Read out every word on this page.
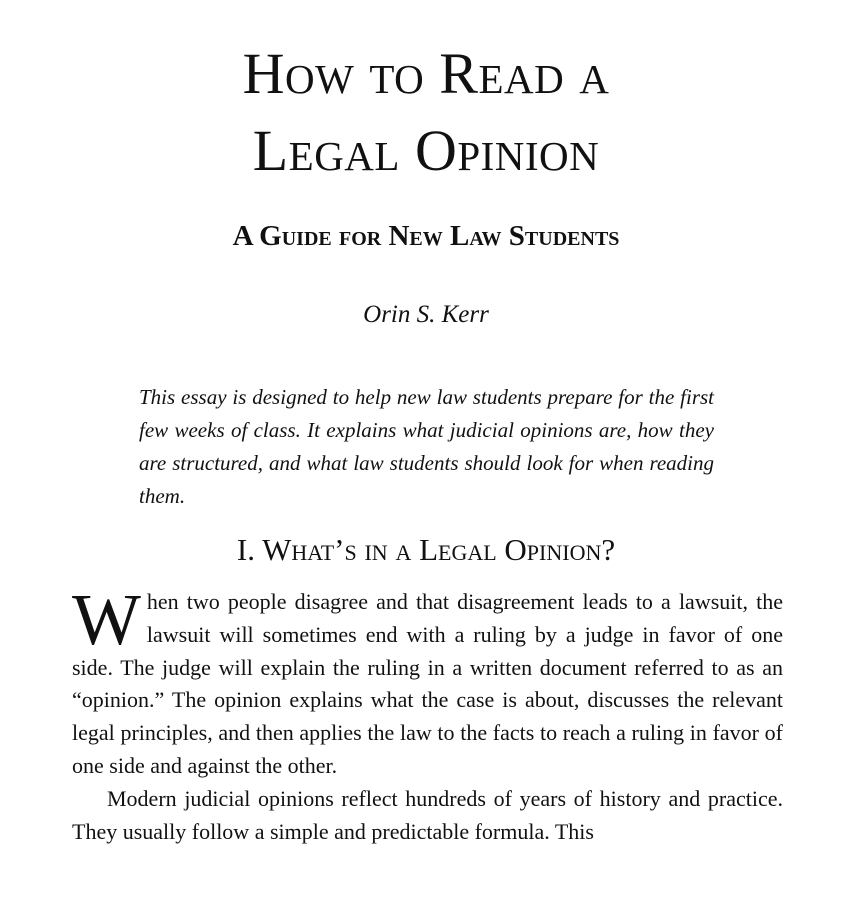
How to Read a
Legal Opinion
A Guide for New Law Students

Orin S. Kerr

This essay is designed to help new law students prepare for the first few weeks of class. It explains what judicial opinions are, how they are structured, and what law students should look for when reading them.

I. What’s in a Legal Opinion?

When two people disagree and that disagreement leads to a lawsuit, the lawsuit will sometimes end with a ruling by a judge in favor of one side. The judge will explain the ruling in a written document referred to as an “opinion.” The opinion explains what the case is about, discusses the relevant legal principles, and then applies the law to the facts to reach a ruling in favor of one side and against the other.

Modern judicial opinions reflect hundreds of years of history and practice. They usually follow a simple and predictable formula. This
